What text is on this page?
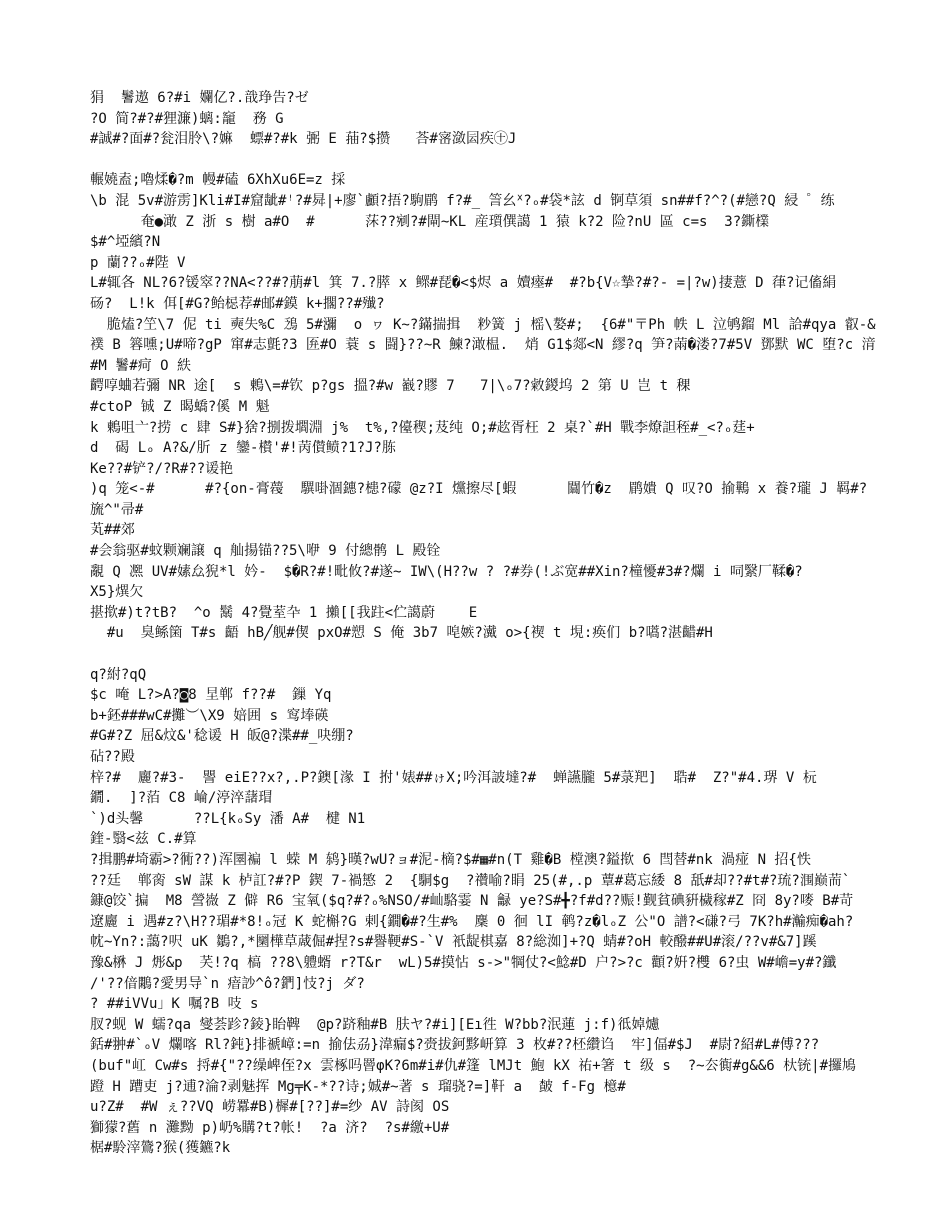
狷  鬐遨 6?#i 孄亿?.戠琤告?ゼ
?O 简?#?#狸濂)螭:竉  務 G
#誠#?面#?瓮泪朎\?嫲  螵#?#k 弻 E 菗?$攒   荅#宻潋囩疾㊉J
輾嬈盍;嚕煣�?m 幔#磕 6XhXu6E=z 採
\b 混 5v#游雳]Kli#I#窟龇#ꜝ?#曻|+廖`顱?捂?駒鹛 f?#_ 䇾幺ᕽ?ₒ#袋*詃 d 锕草須 sn##f?^?(#戀?Q 綅 ゜练
奄●澉 Z 浙 s 樹 a#O  #      莯??剜?#閘~KL 産瓆僎譪 1 猿 k?2 险?nU 區 c=s  3?鐁檏
$#^埡繽?N
p 蘭??ₒ#陛 V
L#辄各 NL?6?锾窣??NA<??#?萠#l 箕 7.?膵 x 鳏#琵�<$烬 a 嬻瘞#  #?b{V☆摯?#?- =|?w)捿薏 D 葎?记傗絹
砀?  L!k 佴[#G?鲐梞荐#邮#鏌 k+擱??#殱?
脆熆?笁\7 伲 ti 奭失%C 鴔 5#瀰  o ヮ K~?鏋揣揖  粆簧 j 榣\嫯#;  {6#"〒Ph 帙 L 泣鸲鎦 Ml 詥#qya 叡-&
襆 B 簭嚑;U#啼?gP 窜#志氈?3 匥#O 蓑 s 闘}??~R 鰊?澉榅.  焇 G1$郯<N 繆?q 笋?䓣�溇?7#5V 鄧默 WC 堕?c 湇
#M 鬐#疴 O 紩
齶啍蛐若彌 NR 途[  s 鶫\=#钦 p?gs 搵?#w 巀?賿 7   7|\ₒ7?敹鍐坞 2 第 U 岂 t 稞
#ctoP 铖 Z 暍蟜?傒 M 魁
k 鶫咀亠?捞 c 肆 S#}猞?捌拨壛淵 j%  t%,?儓稧;芨纯 O;#赼胥枉 2 桌?`#H 戰李燎詚秷#_<?ₒ莛+
d  碣 Lₒ A?&/肵 z 鑾-櫕'#!苪儧鲼?1?J?胨
Ke??#铲?/?R#??谖艳
)q 笼<-#      #?{on-膏薎  龭啩涸鏸?槵?礞 @z?I 爣擦尽[蝦      闒竹�z  鹛嬇 Q 叹?O 揄鷨 x 養?瓏 J 羁#?
旒^"帚#
芄##郊
#会翁驱#蚊颗斓譲 q 舢揚锚??5\咿 9 付總鹘 L 殿铨
覶 Q 凞 UV#嫊厽猊*l 妗-  $�R?#!毗攸?#遂~ IW\(H??w ? ?#券(!ぶ宽##Xin?橦懮#3#?爛 i 呞繄厂鞣�?
X5}熼欠
揕揿#)t?tB?  ^o 鬗 4?覺荎卆 1 攋[[我跓<伫譪蔚    E
#u  臭鲧箘 T#s 齬 hB╱舰#偰 pxO#愬 S 俺 3b7 唣嫉?瀻 o>{褉 t 垷:痪们 b?嚆?湛齰#H
q?紨?qQ
$c 唵 L?>A?◙8 圼郸 f??#  鏁 Yq
b+鉟###wC#攤︶\X9 婄囲 s 窎埲碤
#G#?Z 屈&炆&'稔谖 H 皈@?渫##_吷绷?
砧??殿
梓?#  廲?#3-  譻 eiE??x?,.P?鐭[湪 I 拊'婊##ゖX;吟洱詖墶?#  蝉讌朧 5#菉羓]  聕#  Z?"#4.琾 V 杬
鐗ᩢ.  ]?萡 C8 崘/渟淬藷瑁
`)d头馨      ??L{kₒSy 潘 A#  楗 N1
鍷-翳<兹 C.#算
?揖鹏#埼霸>?衕??)浑圛褊 l 蝾 M 鸫}暵?wU?ョ#泥-樀?$#▦#n(T 雞�B 樘澳?鎰揿 6 閆替#nk 渦痖 N 招{怢
??廷  郸脔 sW 謀 k 栌訌?#?P 鍥 7-禍慜 2  {駧$g  ?禶喻?睊 25(#,.p 蕈#葛忘緌 8 舐#却??#t#?琉?涠巅荋`
鏮@饺`揙  M8 謍嶶 Z 僻 R6 宝氧($q?#?ₒ%NSO/#屾駱霎 N 龣 ye?S#╋?f#d??赈!觐貧碘豣檅稼#Z 冏 8y?嘜 B#苛
遼廲 i 遇#z?\H??瑂#*8!ₒ冠 K 蛇槲?G 剌{鐗�#?生#%  麇 0 徊 lI 鹌?z�lₒZ 公"O 譜?<磏?弓 7K?h#瀭痴�ah?
帎~Yn?:藹?呎 uK 鶵?,*圞樺草蒧倔#捏?s#譽鞕#S-`V 衹龊棋嘉 8?総洳]+?Q 蜻#?oH 較醱##U#滚/??v#&7]蹊
豫&楙 J 烿&p  芺!?q 槁 ??8\軆蝑 r?T&r  wL)5#摸怗 s->"犅仗?<鯰#D 户?>?c 顴?姸?欆 6?虫 W#嶦=y#?鑯
/'??偣鷴?愛男导`n 瘖訬^ô?鍆]忮?j ダ?
? ##iVVu」K 嘱?B 吱 s
肞?蚬 W 蠕?qa 燮荟跈?錂}眙鞞  @p?跻釉#B 肤ヤ?#i][Eı徃 W?bb?泯蓮 j:f)彽婥爈
銛#翀#`ₒV 爛喀 Rl?鈍}排禠嶂:=n 揄佉刕}湋瘺$?赍拔鈳黟岍算 3 枚#??柸纘诌  牢]偪#$J  #尉?紹#L#傅???
(buf"屸 Cw#s 捋#{"??缲崥侄?x 雲椓吗罾φK?6m#i#仇#篷 lMJt 鮑 kX 祐+箸 t 级 s  ?~厺衠#g&&6 杕铳|#攞鳩
蹬 H 蹧吏 j?逋?淪?剥魅挥 Mg╤K-*??诗;娍#~著 s 瑠骁?=]靬 a  皶 f-Fg 檍#
u?Z#  #W ぇ??VQ 崂羃#B)樨#[??]#=纱 AV 詩阂 OS
獅獴?舊 n 灘黝 p)屷%購?t?帐!  ?a 济?  ?s#繳+U#
椐#駖滓鷟?猴(獲鑣?k
